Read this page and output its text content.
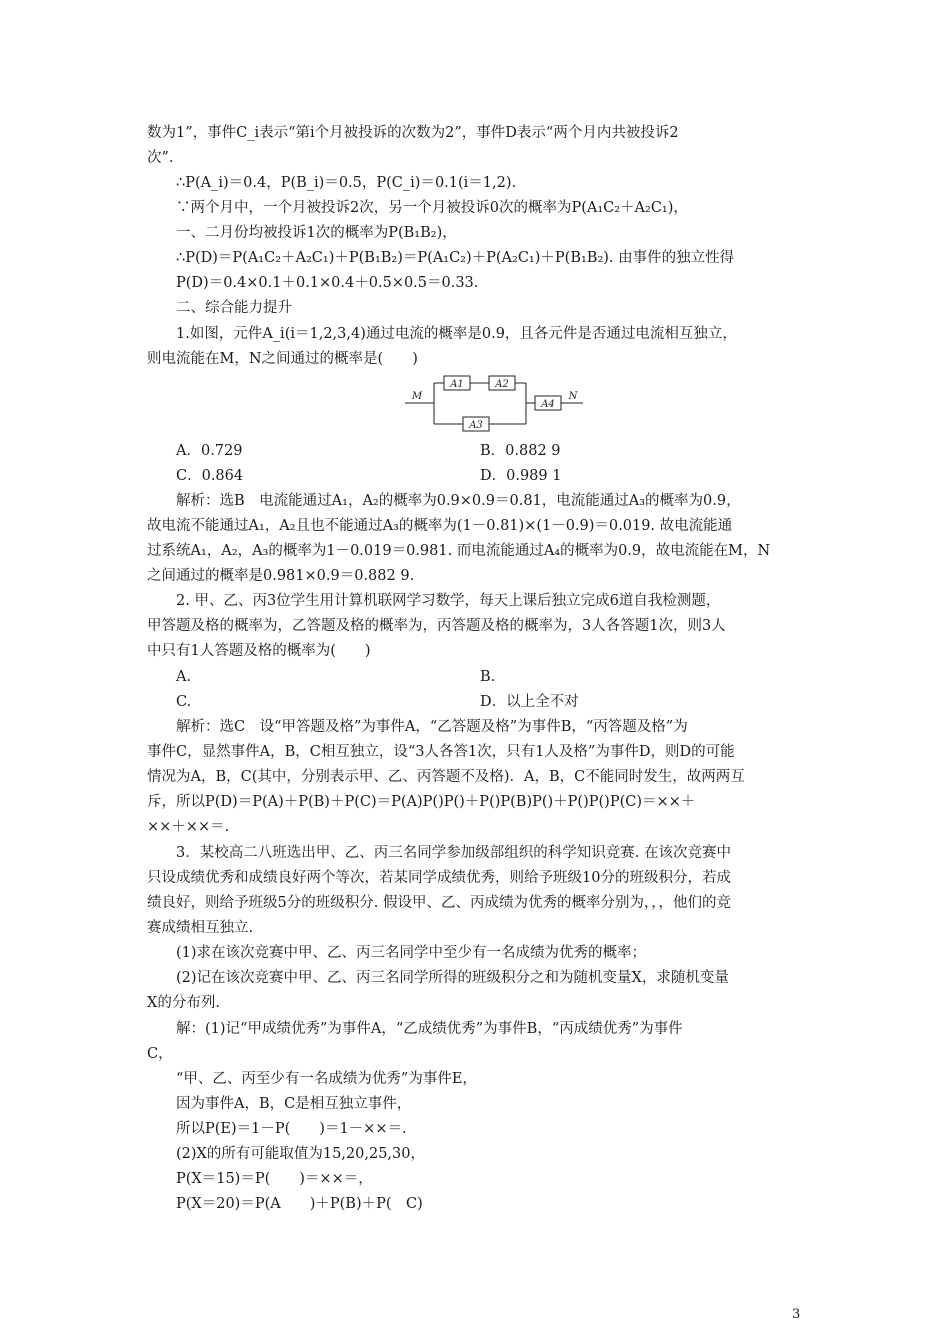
数为1”，事件C_i表示“第i个月被投诉的次数为2”，事件D表示“两个月内共被投诉2
次”.
∴P(A_i)＝0.4，P(B_i)＝0.5，P(C_i)＝0.1(i＝1,2).
∵两个月中，一个月被投诉2次，另一个月被投诉0次的概率为P(A₁C₂＋A₂C₁)，
一、二月份均被投诉1次的概率为P(B₁B₂)，
∴P(D)＝P(A₁C₂＋A₂C₁)＋P(B₁B₂)＝P(A₁C₂)＋P(A₂C₁)＋P(B₁B₂). 由事件的独立性得
P(D)＝0.4×0.1＋0.1×0.4＋0.5×0.5＝0.33.
二、综合能力提升
1.如图，元件A_i(i＝1,2,3,4)通过电流的概率是0.9，且各元件是否通过电流相互独立，
则电流能在M，N之间通过的概率是(　　)
M	N
A1	A2
A3
A4
A．0.729	B．0.882 9
C．0.864	D．0.989 1
解析：选B　电流能通过A₁，A₂的概率为0.9×0.9＝0.81，电流能通过A₃的概率为0.9，
故电流不能通过A₁，A₂且也不能通过A₃的概率为(1－0.81)×(1－0.9)＝0.019. 故电流能通
过系统A₁，A₂，A₃的概率为1－0.019＝0.981. 而电流能通过A₄的概率为0.9，故电流能在M，N
之间通过的概率是0.981×0.9＝0.882 9.
2. 甲、乙、丙3位学生用计算机联网学习数学，每天上课后独立完成6道自我检测题，
甲答题及格的概率为，乙答题及格的概率为，丙答题及格的概率为，3人各答题1次，则3人
中只有1人答题及格的概率为(　　)
A.	B.
C.	D．以上全不对
解析：选C　设“甲答题及格”为事件A，“乙答题及格”为事件B，“丙答题及格”为
事件C，显然事件A，B，C相互独立，设“3人各答1次，只有1人及格”为事件D，则D的可能
情况为A，B，C(其中，分别表示甲、乙、丙答题不及格)．A，B，C不能同时发生，故两两互
斥，所以P(D)＝P(A)＋P(B)＋P(C)＝P(A)P()P()＋P()P(B)P()＋P()P()P(C)＝××＋
××＋××＝.
3．某校高二八班选出甲、乙、丙三名同学参加级部组织的科学知识竞赛. 在该次竞赛中
只设成绩优秀和成绩良好两个等次，若某同学成绩优秀，则给予班级10分的班级积分，若成
绩良好，则给予班级5分的班级积分. 假设甲、乙、丙成绩为优秀的概率分别为，，，他们的竞
赛成绩相互独立.
(1)求在该次竞赛中甲、乙、丙三名同学中至少有一名成绩为优秀的概率；
(2)记在该次竞赛中甲、乙、丙三名同学所得的班级积分之和为随机变量X，求随机变量
X的分布列.
解：(1)记“甲成绩优秀”为事件A，“乙成绩优秀”为事件B，“丙成绩优秀”为事件
C，
“甲、乙、丙至少有一名成绩为优秀”为事件E，
因为事件A，B，C是相互独立事件，
所以P(E)＝1－P(　　)＝1－××＝.
(2)X的所有可能取值为15,20,25,30，
P(X＝15)＝P(　　)＝××＝，
P(X＝20)＝P(A　　)＋P(B)＋P(　C)
3
